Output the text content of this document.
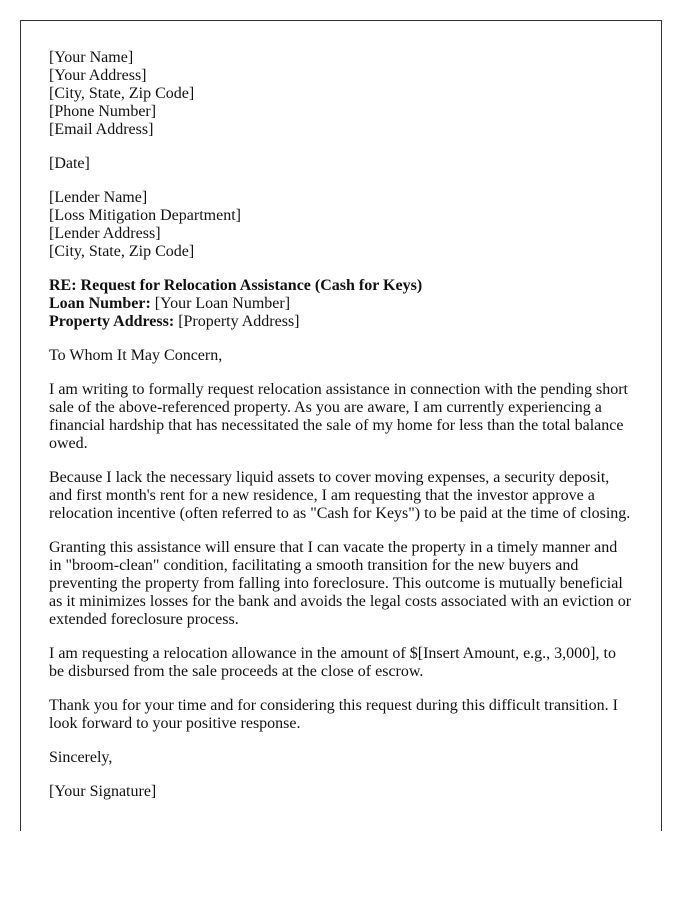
[Your Name]
[Your Address]
[City, State, Zip Code]
[Phone Number]
[Email Address]
[Date]
[Lender Name]
[Loss Mitigation Department]
[Lender Address]
[City, State, Zip Code]
RE: Request for Relocation Assistance (Cash for Keys)
Loan Number: [Your Loan Number]
Property Address: [Property Address]

To Whom It May Concern,

I am writing to formally request relocation assistance in connection with the pending short sale of the above-referenced property. As you are aware, I am currently experiencing a financial hardship that has necessitated the sale of my home for less than the total balance owed.

Because I lack the necessary liquid assets to cover moving expenses, a security deposit, and first month's rent for a new residence, I am requesting that the investor approve a relocation incentive (often referred to as "Cash for Keys") to be paid at the time of closing.

Granting this assistance will ensure that I can vacate the property in a timely manner and in "broom-clean" condition, facilitating a smooth transition for the new buyers and preventing the property from falling into foreclosure. This outcome is mutually beneficial as it minimizes losses for the bank and avoids the legal costs associated with an eviction or extended foreclosure process.

I am requesting a relocation allowance in the amount of $[Insert Amount, e.g., 3,000], to be disbursed from the sale proceeds at the close of escrow.

Thank you for your time and for considering this request during this difficult transition. I look forward to your positive response.

Sincerely,

[Your Signature]
